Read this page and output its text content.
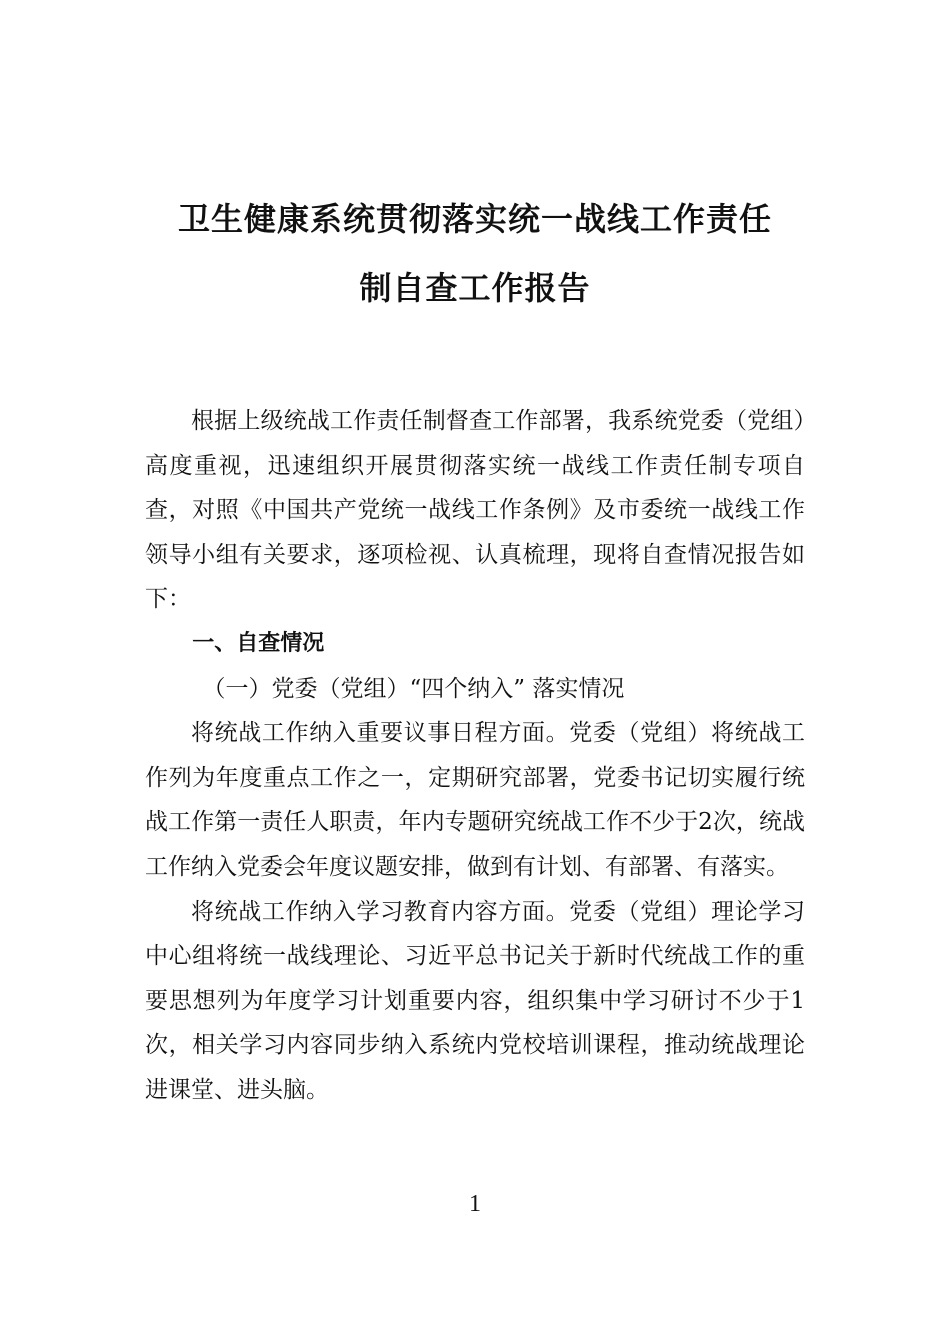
卫生健康系统贯彻落实统一战线工作责任
制自查工作报告

根据上级统战工作责任制督查工作部署，我系统党委（党组）高度重视，迅速组织开展贯彻落实统一战线工作责任制专项自查，对照《中国共产党统一战线工作条例》及市委统一战线工作领导小组有关要求，逐项检视、认真梳理，现将自查情况报告如下：

一、自查情况

（一）党委（党组）“四个纳入” 落实情况

将统战工作纳入重要议事日程方面。党委（党组）将统战工作列为年度重点工作之一，定期研究部署，党委书记切实履行统战工作第一责任人职责，年内专题研究统战工作不少于2次，统战工作纳入党委会年度议题安排，做到有计划、有部署、有落实。

将统战工作纳入学习教育内容方面。党委（党组）理论学习中心组将统一战线理论、习近平总书记关于新时代统战工作的重要思想列为年度学习计划重要内容，组织集中学习研讨不少于1次，相关学习内容同步纳入系统内党校培训课程，推动统战理论进课堂、进头脑。

1
